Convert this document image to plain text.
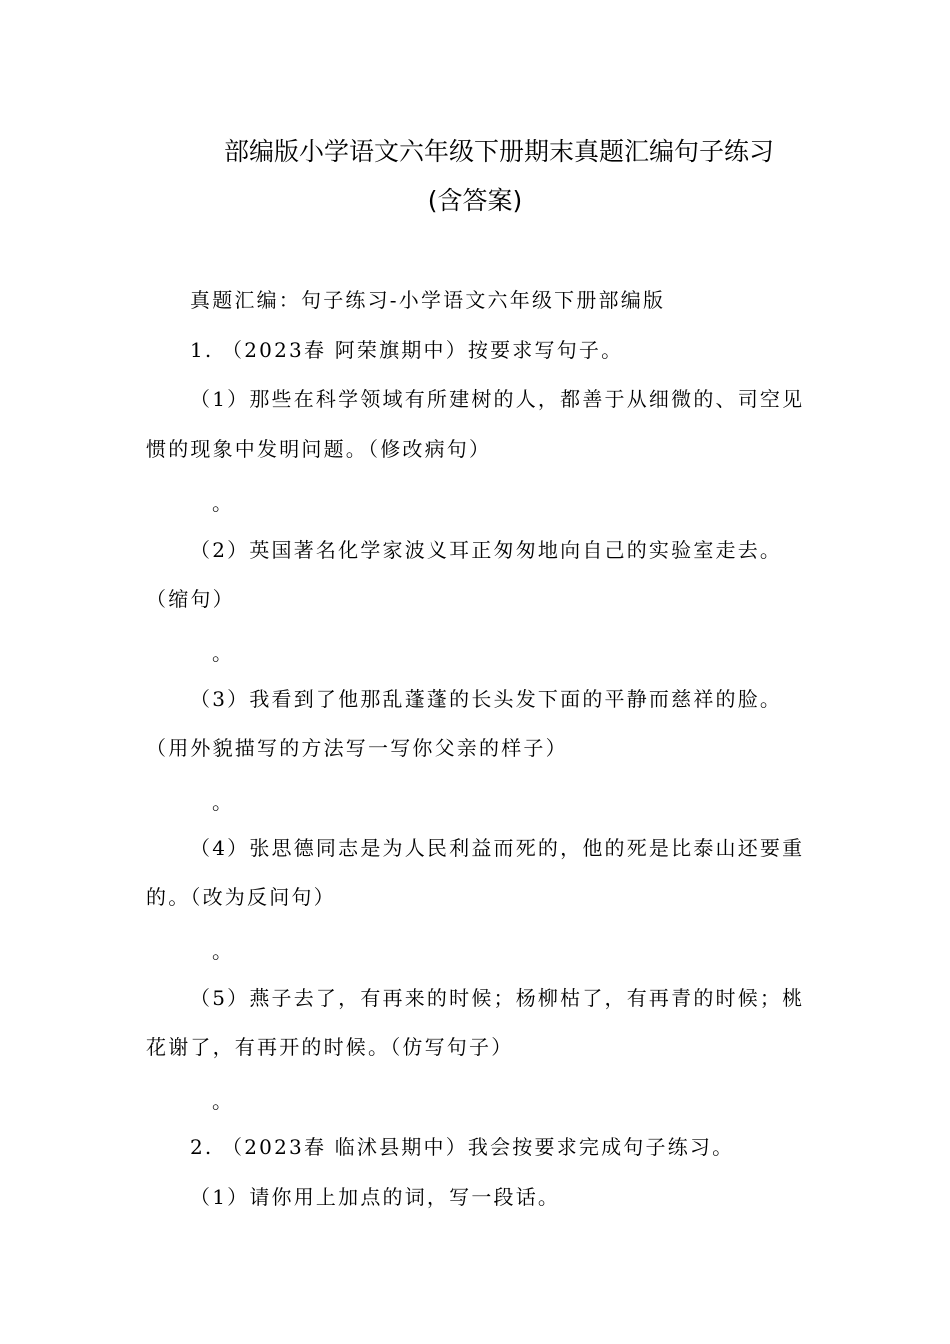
部编版小学语文六年级下册期末真题汇编句子练习
(含答案)
真题汇编：句子练习-小学语文六年级下册部编版
1. （2023春 阿荣旗期中）按要求写句子。
（1）那些在科学领域有所建树的人，都善于从细微的、司空见
惯的现象中发明问题。（修改病句）
。
（2）英国著名化学家波义耳正匆匆地向自己的实验室走去。
（缩句）
。
（3）我看到了他那乱蓬蓬的长头发下面的平静而慈祥的脸。
（用外貌描写的方法写一写你父亲的样子）
。
（4）张思德同志是为人民利益而死的，他的死是比泰山还要重
的。（改为反问句）
。
（5）燕子去了，有再来的时候；杨柳枯了，有再青的时候；桃
花谢了，有再开的时候。（仿写句子）
。
2. （2023春 临沭县期中）我会按要求完成句子练习。
（1）请你用上加点的词，写一段话。
